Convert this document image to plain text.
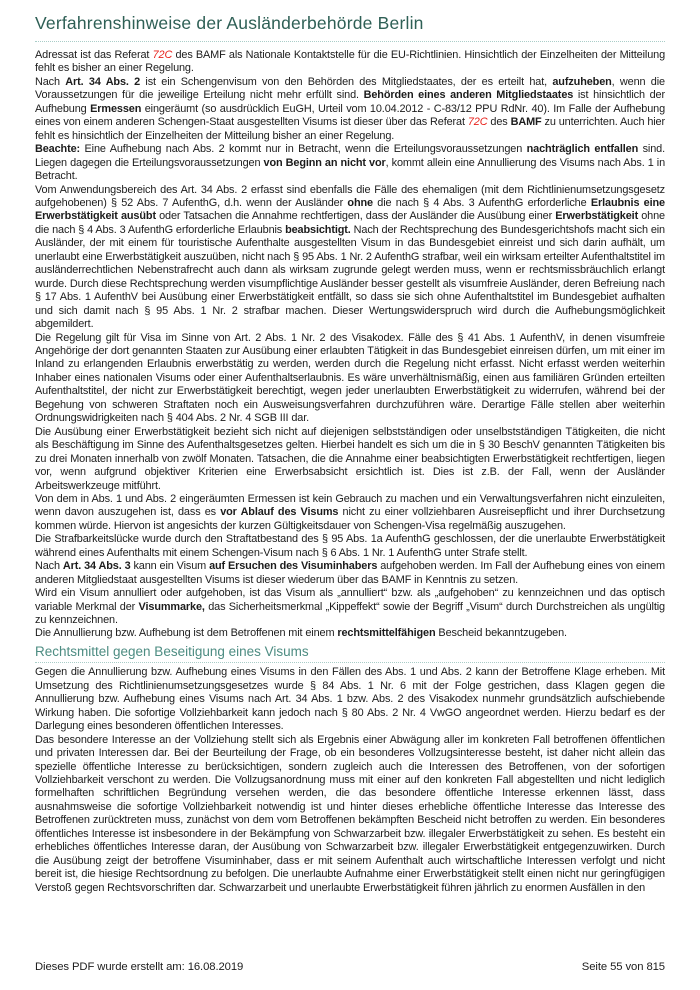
Verfahrenshinweise der Ausländerbehörde Berlin

Adressat ist das Referat 72C des BAMF als Nationale Kontaktstelle für die EU-Richtlinien. Hinsichtlich der Einzelheiten der Mitteilung fehlt es bisher an einer Regelung.

Nach Art. 34 Abs. 2 ist ein Schengenvisum von den Behörden des Mitgliedstaates, der es erteilt hat, aufzuheben, wenn die Voraussetzungen für die jeweilige Erteilung nicht mehr erfüllt sind. Behörden eines anderen Mitgliedstaates ist hinsichtlich der Aufhebung Ermessen eingeräumt (so ausdrücklich EuGH, Urteil vom 10.04.2012 - C-83/12 PPU RdNr. 40). Im Falle der Aufhebung eines von einem anderen Schengen-Staat ausgestellten Visums ist dieser über das Referat 72C des BAMF zu unterrichten. Auch hier fehlt es hinsichtlich der Einzelheiten der Mitteilung bisher an einer Regelung.

Beachte: Eine Aufhebung nach Abs. 2 kommt nur in Betracht, wenn die Erteilungsvoraussetzungen nachträglich entfallen sind. Liegen dagegen die Erteilungsvoraussetzungen von Beginn an nicht vor, kommt allein eine Annullierung des Visums nach Abs. 1 in Betracht.

Vom Anwendungsbereich des Art. 34 Abs. 2 erfasst sind ebenfalls die Fälle des ehemaligen (mit dem Richtlinienumsetzungsgesetz aufgehobenen) § 52 Abs. 7 AufenthG, d.h. wenn der Ausländer ohne die nach § 4 Abs. 3 AufenthG erforderliche Erlaubnis eine Erwerbstätigkeit ausübt oder Tatsachen die Annahme rechtfertigen, dass der Ausländer die Ausübung einer Erwerbstätigkeit ohne die nach § 4 Abs. 3 AufenthG erforderliche Erlaubnis beabsichtigt. Nach der Rechtsprechung des Bundesgerichtshofs macht sich ein Ausländer, der mit einem für touristische Aufenthalte ausgestellten Visum in das Bundesgebiet einreist und sich darin aufhält, um unerlaubt eine Erwerbstätigkeit auszuüben, nicht nach § 95 Abs. 1 Nr. 2 AufenthG strafbar, weil ein wirksam erteilter Aufenthaltstitel im ausländerrechtlichen Nebenstrafrecht auch dann als wirksam zugrunde gelegt werden muss, wenn er rechtsmissbräuchlich erlangt wurde. Durch diese Rechtsprechung werden visumpflichtige Ausländer besser gestellt als visumfreie Ausländer, deren Befreiung nach § 17 Abs. 1 AufenthV bei Ausübung einer Erwerbstätigkeit entfällt, so dass sie sich ohne Aufenthaltstitel im Bundesgebiet aufhalten und sich damit nach § 95 Abs. 1 Nr. 2 strafbar machen. Dieser Wertungswiderspruch wird durch die Aufhebungsmöglichkeit abgemildert.

Die Regelung gilt für Visa im Sinne von Art. 2 Abs. 1 Nr. 2 des Visakodex. Fälle des § 41 Abs. 1 AufenthV, in denen visumfreie Angehörige der dort genannten Staaten zur Ausübung einer erlaubten Tätigkeit in das Bundesgebiet einreisen dürfen, um mit einer im Inland zu erlangenden Erlaubnis erwerbstätig zu werden, werden durch die Regelung nicht erfasst. Nicht erfasst werden weiterhin Inhaber eines nationalen Visums oder einer Aufenthaltserlaubnis. Es wäre unverhältnismäßig, einen aus familiären Gründen erteilten Aufenthaltstitel, der nicht zur Erwerbstätigkeit berechtigt, wegen jeder unerlaubten Erwerbstätigkeit zu widerrufen, während bei der Begehung von schweren Straftaten noch ein Ausweisungsverfahren durchzuführen wäre. Derartige Fälle stellen aber weiterhin Ordnungswidrigkeiten nach § 404 Abs. 2 Nr. 4 SGB III dar.

Die Ausübung einer Erwerbstätigkeit bezieht sich nicht auf diejenigen selbstständigen oder unselbstständigen Tätigkeiten, die nicht als Beschäftigung im Sinne des Aufenthaltsgesetzes gelten. Hierbei handelt es sich um die in § 30 BeschV genannten Tätigkeiten bis zu drei Monaten innerhalb von zwölf Monaten. Tatsachen, die die Annahme einer beabsichtigten Erwerbstätigkeit rechtfertigen, liegen vor, wenn aufgrund objektiver Kriterien eine Erwerbsabsicht ersichtlich ist. Dies ist z.B. der Fall, wenn der Ausländer Arbeitswerkzeuge mitführt.

Von dem in Abs. 1 und Abs. 2 eingeräumten Ermessen ist kein Gebrauch zu machen und ein Verwaltungsverfahren nicht einzuleiten, wenn davon auszugehen ist, dass es vor Ablauf des Visums nicht zu einer vollziehbaren Ausreisepflicht und ihrer Durchsetzung kommen würde. Hiervon ist angesichts der kurzen Gültigkeitsdauer von Schengen-Visa regelmäßig auszugehen.

Die Strafbarkeitslücke wurde durch den Straftatbestand des § 95 Abs. 1a AufenthG geschlossen, der die unerlaubte Erwerbstätigkeit während eines Aufenthalts mit einem Schengen-Visum nach § 6 Abs. 1 Nr. 1 AufenthG unter Strafe stellt.

Nach Art. 34 Abs. 3 kann ein Visum auf Ersuchen des Visuminhabers aufgehoben werden. Im Fall der Aufhebung eines von einem anderen Mitgliedstaat ausgestellten Visums ist dieser wiederum über das BAMF in Kenntnis zu setzen.

Wird ein Visum annulliert oder aufgehoben, ist das Visum als „annulliert“ bzw. als „aufgehoben“ zu kennzeichnen und das optisch variable Merkmal der Visummarke, das Sicherheitsmerkmal „Kippeffekt“ sowie der Begriff „Visum“ durch Durchstreichen als ungültig zu kennzeichnen.

Die Annullierung bzw. Aufhebung ist dem Betroffenen mit einem rechtsmittelfähigen Bescheid bekanntzugeben.

Rechtsmittel gegen Beseitigung eines Visums

Gegen die Annullierung bzw. Aufhebung eines Visums in den Fällen des Abs. 1 und Abs. 2 kann der Betroffene Klage erheben. Mit Umsetzung des Richtlinienumsetzungsgesetzes wurde § 84 Abs. 1 Nr. 6 mit der Folge gestrichen, dass Klagen gegen die Annullierung bzw. Aufhebung eines Visums nach Art. 34 Abs. 1 bzw. Abs. 2 des Visakodex nunmehr grundsätzlich aufschiebende Wirkung haben. Die sofortige Vollziehbarkeit kann jedoch nach § 80 Abs. 2 Nr. 4 VwGO angeordnet werden. Hierzu bedarf es der Darlegung eines besonderen öffentlichen Interesses.

Das besondere Interesse an der Vollziehung stellt sich als Ergebnis einer Abwägung aller im konkreten Fall betroffenen öffentlichen und privaten Interessen dar. Bei der Beurteilung der Frage, ob ein besonderes Vollzugsinteresse besteht, ist daher nicht allein das spezielle öffentliche Interesse zu berücksichtigen, sondern zugleich auch die Interessen des Betroffenen, von der sofortigen Vollziehbarkeit verschont zu werden. Die Vollzugsanordnung muss mit einer auf den konkreten Fall abgestellten und nicht lediglich formelhaften schriftlichen Begründung versehen werden, die das besondere öffentliche Interesse erkennen lässt, dass ausnahmsweise die sofortige Vollziehbarkeit notwendig ist und hinter dieses erhebliche öffentliche Interesse das Interesse des Betroffenen zurücktreten muss, zunächst von dem vom Betroffenen bekämpften Bescheid nicht betroffen zu werden. Ein besonderes öffentliches Interesse ist insbesondere in der Bekämpfung von Schwarzarbeit bzw. illegaler Erwerbstätigkeit zu sehen. Es besteht ein erhebliches öffentliches Interesse daran, der Ausübung von Schwarzarbeit bzw. illegaler Erwerbstätigkeit entgegenzuwirken. Durch die Ausübung zeigt der betroffene Visuminhaber, dass er mit seinem Aufenthalt auch wirtschaftliche Interessen verfolgt und nicht bereit ist, die hiesige Rechtsordnung zu befolgen. Die unerlaubte Aufnahme einer Erwerbstätigkeit stellt einen nicht nur geringfügigen Verstoß gegen Rechtsvorschriften dar. Schwarzarbeit und unerlaubte Erwerbstätigkeit führen jährlich zu enormen Ausfällen in den

Dieses PDF wurde erstellt am: 16.08.2019	Seite 55 von 815
